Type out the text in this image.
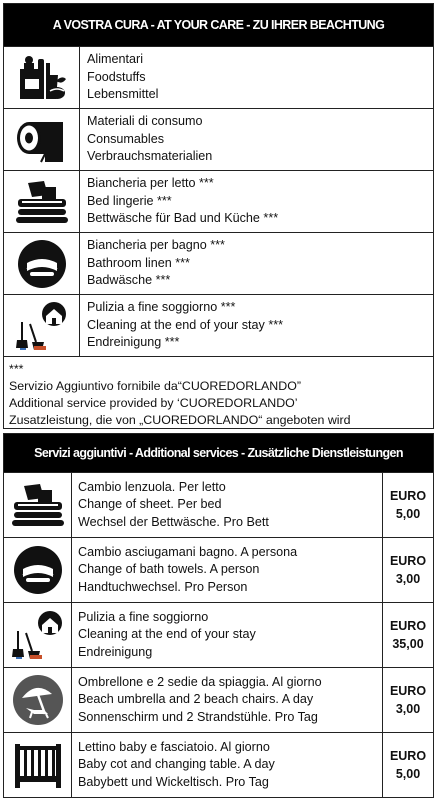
A VOSTRA CURA - AT YOUR CARE - ZU IHRER BEACHTUNG
Alimentari
Foodstuffs
Lebensmittel
Materiali di consumo
Consumables
Verbrauchsmaterialien
Biancheria per letto ***
Bed lingerie ***
Bettwäsche für Bad und Küche ***
Biancheria per bagno ***
Bathroom linen ***
Badwäsche ***
Pulizia a fine soggiorno ***
Cleaning at the end of your stay ***
Endreinigung ***
***
Servizio Aggiuntivo fornibile da“CUOREDORLANDO”
Additional service provided by ‘CUOREDORLANDO’
Zusatzleistung, die von „CUOREDORLANDO“ angeboten wird
Servizi aggiuntivi - Additional services - Zusätzliche Dienstleistungen
Cambio lenzuola. Per letto
Change of sheet. Per bed
Wechsel der Bettwäsche. Pro Bett
EURO
5,00
Cambio asciugamani bagno. A persona
Change of bath towels. A person
Handtuchwechsel. Pro Person
EURO
3,00
Pulizia a fine soggiorno
Cleaning at the end of your stay
Endreinigung
EURO
35,00
Ombrellone e 2 sedie da spiaggia. Al giorno
Beach umbrella and 2 beach chairs. A day
Sonnenschirm und 2 Strandstühle. Pro Tag
EURO
3,00
Lettino baby e fasciatoio. Al giorno
Baby cot and changing table. A day
Babybett und Wickeltisch. Pro Tag
EURO
5,00
